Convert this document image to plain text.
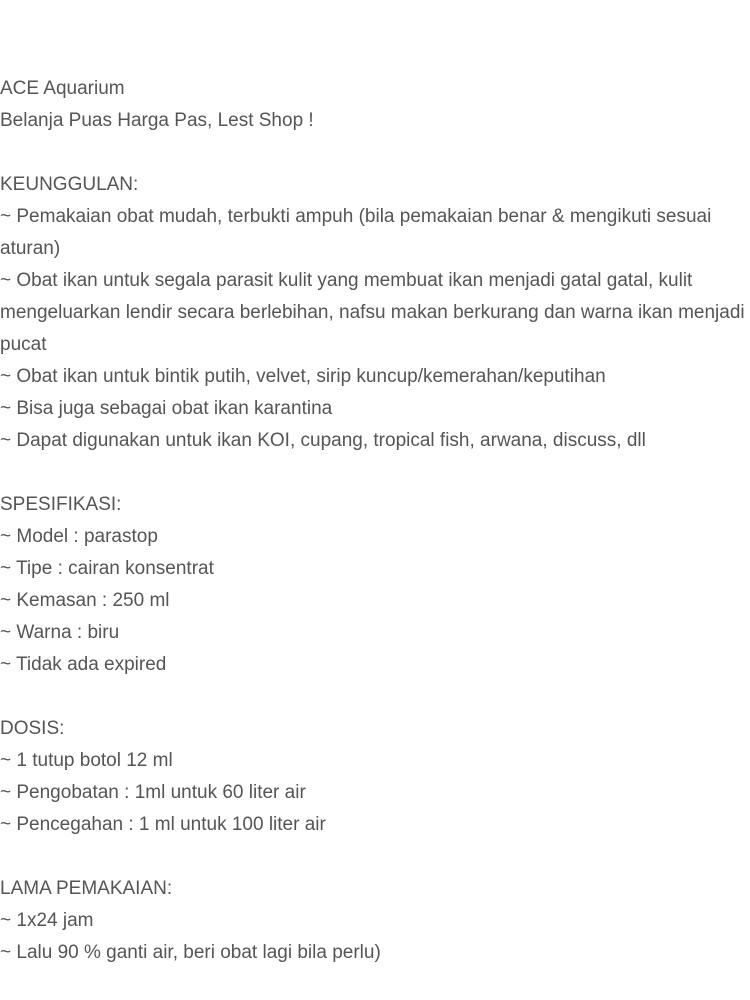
ACE Aquarium

Belanja Puas Harga Pas, Lest Shop !

KEUNGGULAN:

~ Pemakaian obat mudah, terbukti ampuh (bila pemakaian benar & mengikuti sesuai aturan)

~ Obat ikan untuk segala parasit kulit yang membuat ikan menjadi gatal gatal, kulit mengeluarkan lendir secara berlebihan, nafsu makan berkurang dan warna ikan menjadi pucat

~ Obat ikan untuk bintik putih, velvet, sirip kuncup/kemerahan/keputihan

~ Bisa juga sebagai obat ikan karantina

~ Dapat digunakan untuk ikan KOI, cupang, tropical fish, arwana, discuss, dll

SPESIFIKASI:

~ Model : parastop

~ Tipe : cairan konsentrat

~ Kemasan : 250 ml

~ Warna : biru

~ Tidak ada expired

DOSIS:

~ 1 tutup botol 12 ml

~ Pengobatan : 1ml untuk 60 liter air

~ Pencegahan : 1 ml untuk 100 liter air

LAMA PEMAKAIAN:

~ 1x24 jam

~ Lalu 90 % ganti air, beri obat lagi bila perlu)
